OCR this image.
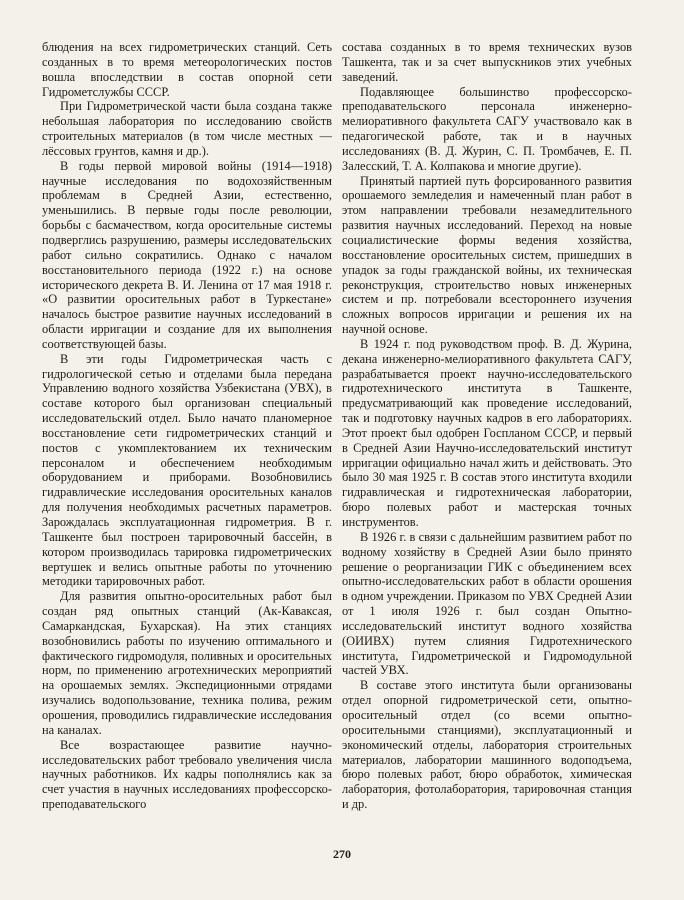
блюдения на всех гидрометрических станций. Сеть созданных в то время метеорологических постов вошла впоследствии в состав опорной сети Гидрометслужбы СССР.

При Гидрометрической части была создана также небольшая лаборатория по исследованию свойств строительных материалов (в том числе местных — лёссовых грунтов, камня и др.).

В годы первой мировой войны (1914—1918) научные исследования по водохозяйственным проблемам в Средней Азии, естественно, уменьшились. В первые годы после революции, борьбы с басмачеством, когда оросительные системы подверглись разрушению, размеры исследовательских работ сильно сократились. Однако с началом восстановительного периода (1922 г.) на основе исторического декрета В. И. Ленина от 17 мая 1918 г. «О развитии оросительных работ в Туркестане» началось быстрое развитие научных исследований в области ирригации и создание для их выполнения соответствующей базы.

В эти годы Гидрометрическая часть с гидрологической сетью и отделами была передана Управлению водного хозяйства Узбекистана (УВХ), в составе которого был организован специальный исследовательский отдел. Было начато планомерное восстановление сети гидрометрических станций и постов с укомплектованием их техническим персоналом и обеспечением необходимым оборудованием и приборами. Возобновились гидравлические исследования оросительных каналов для получения необходимых расчетных параметров. Зарождалась эксплуатационная гидрометрия. В г. Ташкенте был построен тарировочный бассейн, в котором производилась тарировка гидрометрических вертушек и велись опытные работы по уточнению методики тарировочных работ.

Для развития опытно-оросительных работ был создан ряд опытных станций (Ак-Каваксая, Самаркандская, Бухарская). На этих станциях возобновились работы по изучению оптимального и фактического гидромодуля, поливных и оросительных норм, по применению агротехнических мероприятий на орошаемых землях. Экспедиционными отрядами изучались водопользование, техника полива, режим орошения, проводились гидравлические исследования на каналах.

Все возрастающее развитие научно-исследовательских работ требовало увеличения числа научных работников. Их кадры пополнялись как за счет участия в научных исследованиях профессорско-преподавательского

состава созданных в то время технических вузов Ташкента, так и за счет выпускников этих учебных заведений.

Подавляющее большинство профессорско-преподавательского персонала инженерно-мелиоративного факультета САГУ участвовало как в педагогической работе, так и в научных исследованиях (В. Д. Журин, С. П. Тромбачев, Е. П. Залесский, Т. А. Колпакова и многие другие).

Принятый партией путь форсированного развития орошаемого земледелия и намеченный план работ в этом направлении требовали незамедлительного развития научных исследований. Переход на новые социалистические формы ведения хозяйства, восстановление оросительных систем, пришедших в упадок за годы гражданской войны, их техническая реконструкция, строительство новых инженерных систем и пр. потребовали всестороннего изучения сложных вопросов ирригации и решения их на научной основе.

В 1924 г. под руководством проф. В. Д. Журина, декана инженерно-мелиоративного факультета САГУ, разрабатывается проект научно-исследовательского гидротехнического института в Ташкенте, предусматривающий как проведение исследований, так и подготовку научных кадров в его лабораториях. Этот проект был одобрен Госпланом СССР, и первый в Средней Азии Научно-исследовательский институт ирригации официально начал жить и действовать. Это было 30 мая 1925 г. В состав этого института входили гидравлическая и гидротехническая лаборатории, бюро полевых работ и мастерская точных инструментов.

В 1926 г. в связи с дальнейшим развитием работ по водному хозяйству в Средней Азии было принято решение о реорганизации ГИК с объединением всех опытно-исследовательских работ в области орошения в одном учреждении. Приказом по УВХ Средней Азии от 1 июля 1926 г. был создан Опытно-исследовательский институт водного хозяйства (ОИИВХ) путем слияния Гидротехнического института, Гидрометрической и Гидромодульной частей УВХ.

В составе этого института были организованы отдел опорной гидрометрической сети, опытно-оросительный отдел (со всеми опытно-оросительными станциями), эксплуатационный и экономический отделы, лаборатория строительных материалов, лаборатории машинного водоподъема, бюро полевых работ, бюро обработок, химическая лаборатория, фотолаборатория, тарировочная станция и др.

270
